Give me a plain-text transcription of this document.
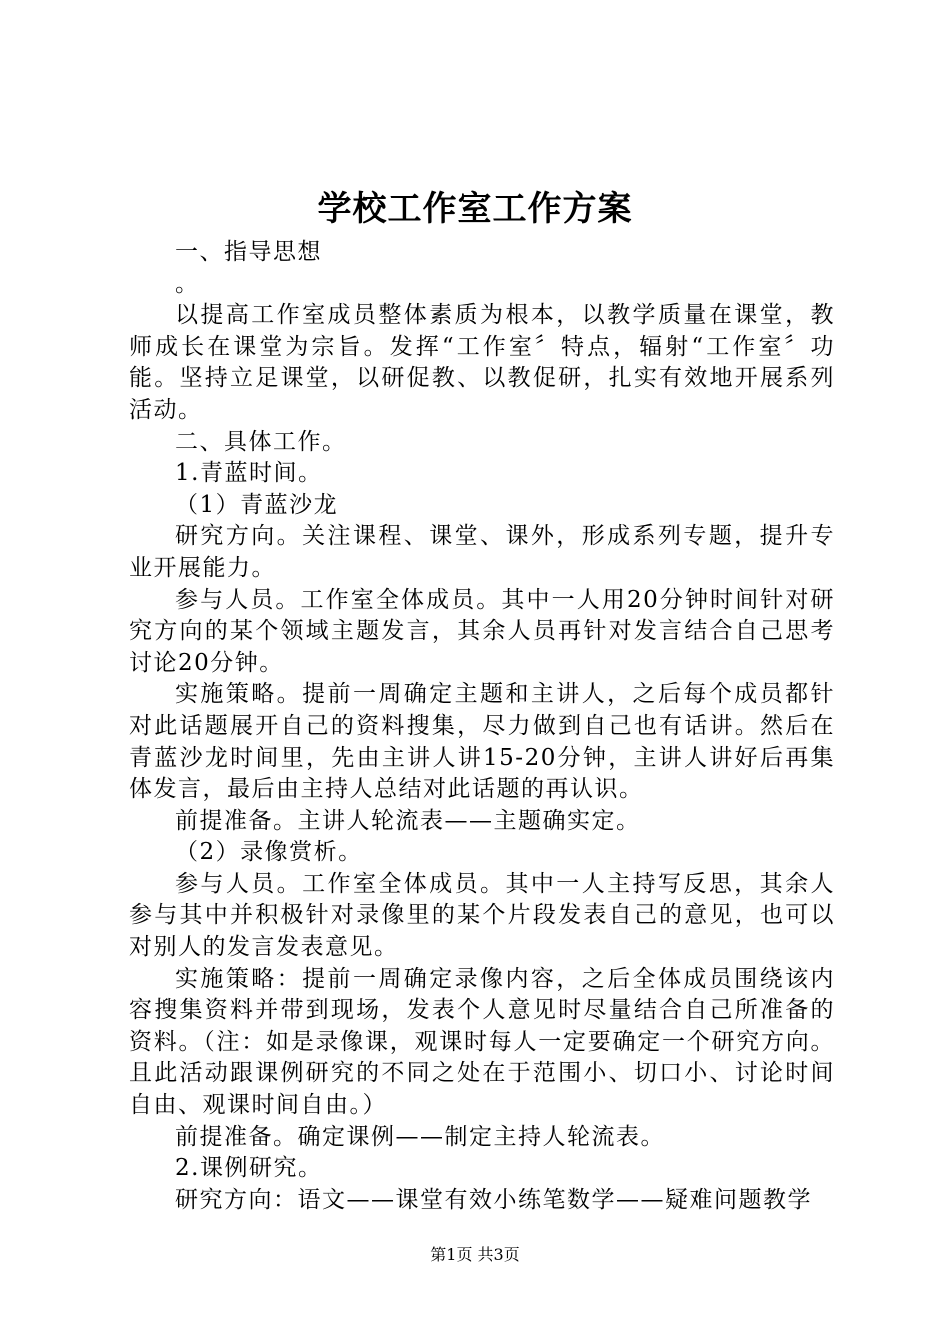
学校工作室工作方案

一、指导思想

。

以提高工作室成员整体素质为根本，以教学质量在课堂，教师成长在课堂为宗旨。发挥“工作室〞特点，辐射“工作室〞功能。坚持立足课堂，以研促教、以教促研，扎实有效地开展系列活动。

二、具体工作。

1.青蓝时间。

（1）青蓝沙龙

研究方向。关注课程、课堂、课外，形成系列专题，提升专业开展能力。

参与人员。工作室全体成员。其中一人用20分钟时间针对研究方向的某个领域主题发言，其余人员再针对发言结合自己思考讨论20分钟。

实施策略。提前一周确定主题和主讲人，之后每个成员都针对此话题展开自己的资料搜集，尽力做到自己也有话讲。然后在青蓝沙龙时间里，先由主讲人讲15-20分钟，主讲人讲好后再集体发言，最后由主持人总结对此话题的再认识。

前提准备。主讲人轮流表——主题确实定。

（2）录像赏析。

参与人员。工作室全体成员。其中一人主持写反思，其余人参与其中并积极针对录像里的某个片段发表自己的意见，也可以对别人的发言发表意见。

实施策略：提前一周确定录像内容，之后全体成员围绕该内容搜集资料并带到现场，发表个人意见时尽量结合自己所准备的资料。（注：如是录像课，观课时每人一定要确定一个研究方向。且此活动跟课例研究的不同之处在于范围小、切口小、讨论时间自由、观课时间自由。）

前提准备。确定课例——制定主持人轮流表。

2.课例研究。

研究方向：语文——课堂有效小练笔数学——疑难问题教学

第1页 共3页
